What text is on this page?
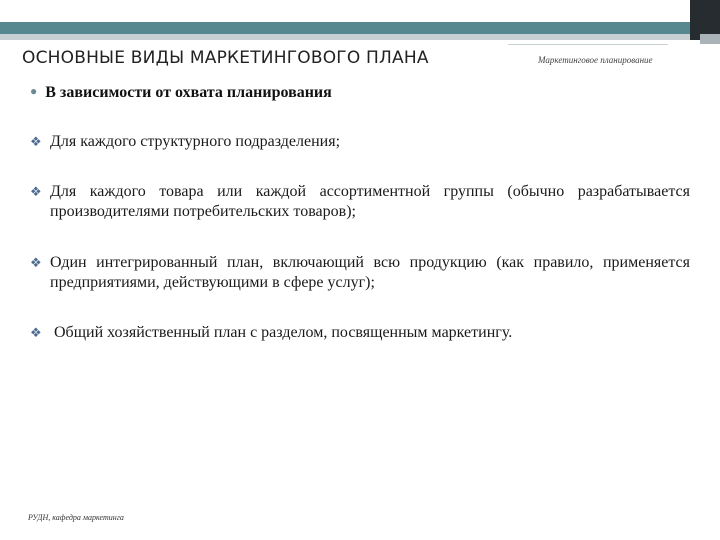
ОСНОВНЫЕ ВИДЫ МАРКЕТИНГОВОГО ПЛАНА	Маркетинговое планирование
● В зависимости от охвата планирования
❖ Для каждого структурного подразделения;
❖ Для каждого товара или каждой ассортиментной группы (обычно разрабатывается производителями потребительских товаров);
❖ Один интегрированный план, включающий всю продукцию (как правило, применяется предприятиями, действующими в сфере услуг);
❖ Общий хозяйственный план с разделом, посвященным маркетингу.
РУДН, кафедра маркетинга
